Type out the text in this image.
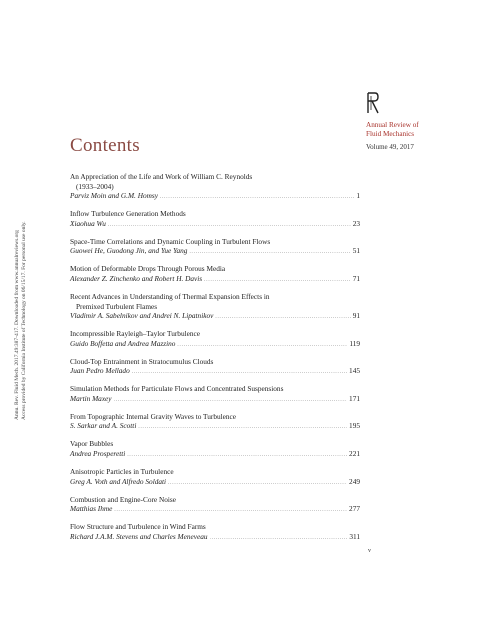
Annual Review of
Fluid Mechanics
Volume 49, 2017
Contents
Annu. Rev. Fluid Mech. 2017.49:387-417. Downloaded from www.annualreviews.org Access provided by California Institute of Technology on 06/15/17. For personal use only.
An Appreciation of the Life and Work of William C. Reynolds
(1933–2004)
Parviz Moin and G.M. Homsy . . .	1
Inflow Turbulence Generation Methods
Xiaohua Wu . . .	23
Space-Time Correlations and Dynamic Coupling in Turbulent Flows
Guowei He, Guodong Jin, and Yue Yang . . .	51
Motion of Deformable Drops Through Porous Media
Alexander Z. Zinchenko and Robert H. Davis . . .	71
Recent Advances in Understanding of Thermal Expansion Effects in
Premixed Turbulent Flames
Vladimir A. Sabelnikov and Andrei N. Lipatnikov . . .	91
Incompressible Rayleigh–Taylor Turbulence
Guido Boffetta and Andrea Mazzino . . .	119
Cloud-Top Entrainment in Stratocumulus Clouds
Juan Pedro Mellado . . .	145
Simulation Methods for Particulate Flows and Concentrated Suspensions
Martin Maxey . . .	171
From Topographic Internal Gravity Waves to Turbulence
S. Sarkar and A. Scotti . . .	195
Vapor Bubbles
Andrea Prosperetti . . .	221
Anisotropic Particles in Turbulence
Greg A. Voth and Alfredo Soldati . . .	249
Combustion and Engine-Core Noise
Matthias Ihme . . .	277
Flow Structure and Turbulence in Wind Farms
Richard J.A.M. Stevens and Charles Meneveau . . .	311
v
